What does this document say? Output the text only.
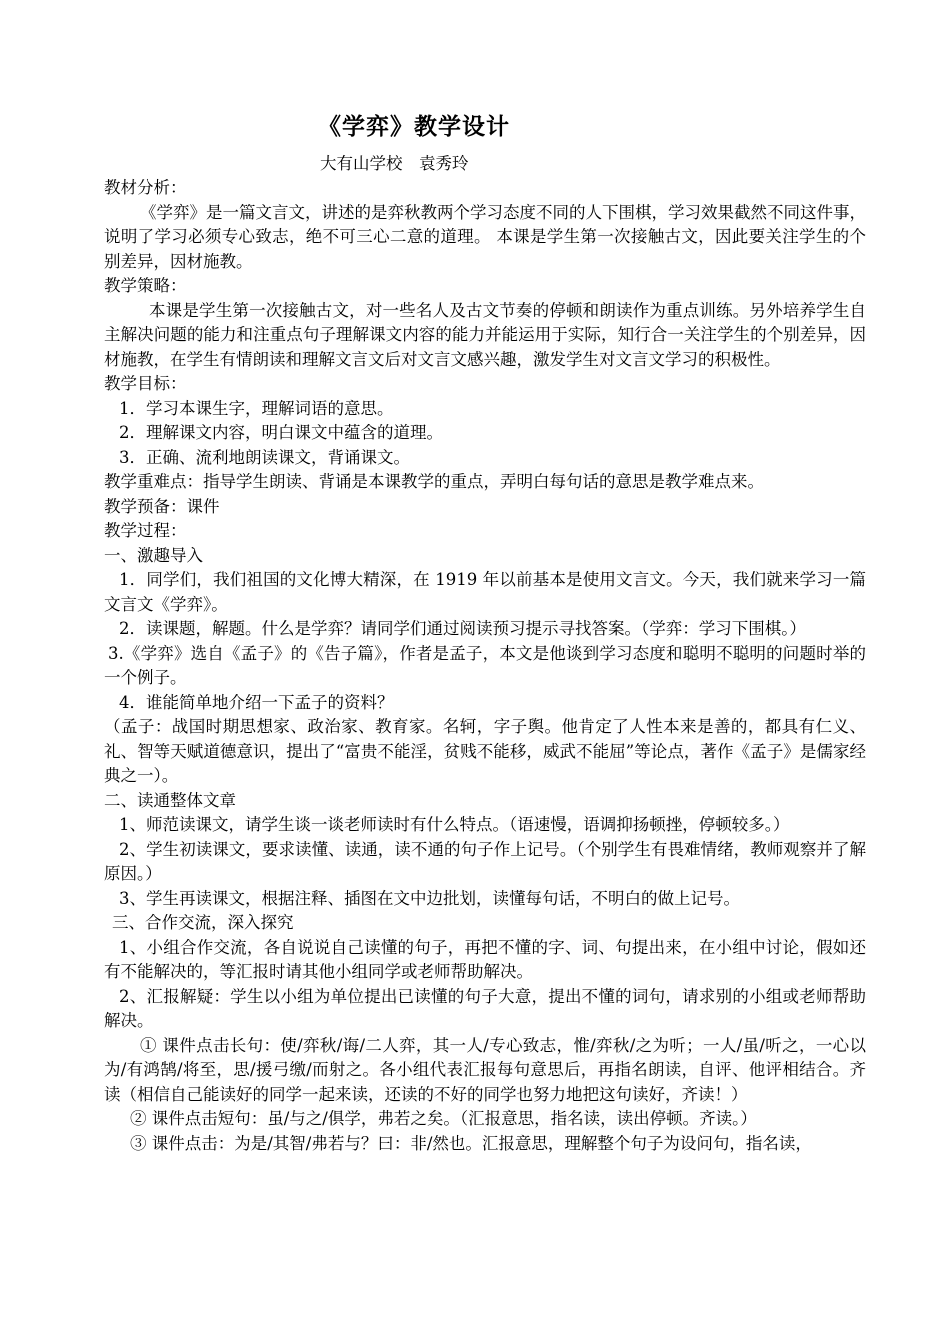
《学弈》教学设计
大有山学校　袁秀玲

教材分析：

《学弈》是一篇文言文，讲述的是弈秋教两个学习态度不同的人下围棋，学习效果截然不同这件事，说明了学习必须专心致志，绝不可三心二意的道理。 本课是学生第一次接触古文，因此要关注学生的个别差异，因材施教。

教学策略：

本课是学生第一次接触古文，对一些名人及古文节奏的停顿和朗读作为重点训练。另外培养学生自主解决问题的能力和注重点句子理解课文内容的能力并能运用于实际，知行合一关注学生的个别差异，因材施教，在学生有情朗读和理解文言文后对文言文感兴趣，激发学生对文言文学习的积极性。

教学目标：

1．学习本课生字，理解词语的意思。

2．理解课文内容，明白课文中蕴含的道理。

3．正确、流利地朗读课文，背诵课文。

教学重难点：指导学生朗读、背诵是本课教学的重点，弄明白每句话的意思是教学难点来。

教学预备：课件

教学过程：

一、激趣导入

1．同学们，我们祖国的文化博大精深，在 1919 年以前基本是使用文言文。今天，我们就来学习一篇文言文《学弈》。

2．读课题，解题。什么是学弈？请同学们通过阅读预习提示寻找答案。（学弈：学习下围棋。）

3.《学弈》选自《孟子》的《告子篇》，作者是孟子，本文是他谈到学习态度和聪明不聪明的问题时举的一个例子。

4．谁能简单地介绍一下孟子的资料？

（孟子：战国时期思想家、政治家、教育家。名轲，字子舆。他肯定了人性本来是善的，都具有仁义、礼、智等天赋道德意识，提出了“富贵不能淫，贫贱不能移，威武不能屈”等论点，著作《孟子》是儒家经典之一）。

二、读通整体文章

1、师范读课文，请学生谈一谈老师读时有什么特点。（语速慢，语调抑扬顿挫，停顿较多。）

2、学生初读课文，要求读懂、读通，读不通的句子作上记号。（个别学生有畏难情绪，教师观察并了解原因。）

3、学生再读课文，根据注释、插图在文中边批划，读懂每句话，不明白的做上记号。

三、合作交流，深入探究

1、小组合作交流，各自说说自己读懂的句子，再把不懂的字、词、句提出来，在小组中讨论，假如还有不能解决的，等汇报时请其他小组同学或老师帮助解决。

2、汇报解疑：学生以小组为单位提出已读懂的句子大意，提出不懂的词句，请求别的小组或老师帮助解决。

① 课件点击长句：使/弈秋/诲/二人弈，其一人/专心致志，惟/弈秋/之为听；一人/虽/听之，一心以为/有鸿鹄/将至，思/援弓缴/而射之。各小组代表汇报每句意思后，再指名朗读，自评、他评相结合。齐读（相信自己能读好的同学一起来读，还读的不好的同学也努力地把这句读好，齐读！）

② 课件点击短句：虽/与之/俱学，弗若之矣。（汇报意思，指名读，读出停顿。齐读。）

③ 课件点击：为是/其智/弗若与？曰：非/然也。汇报意思，理解整个句子为设问句，指名读，
